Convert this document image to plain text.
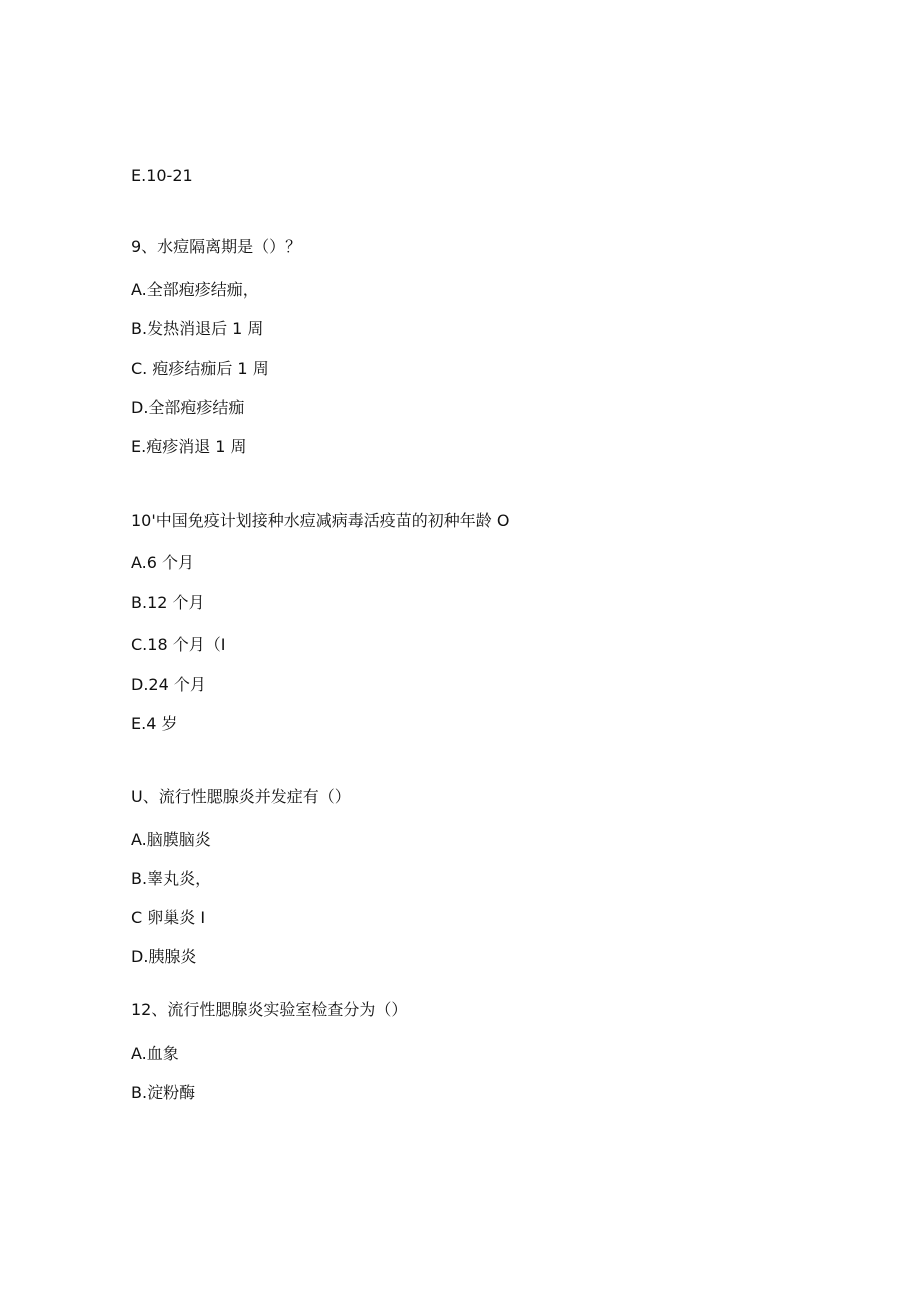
E.10-21
9、水痘隔离期是（）？
A.全部疱疹结痂，
B.发热消退后 1 周
C. 疱疹结痂后 1 周
D.全部疱疹结痂
E.疱疹消退 1 周
10'中国免疫计划接种水痘减病毒活疫苗的初种年龄 O
A.6 个月
B.12 个月
C.18 个月（I
D.24 个月
E.4 岁
U、流行性腮腺炎并发症有（）
A.脑膜脑炎
B.睾丸炎，
C 卵巢炎 I
D.胰腺炎
12、流行性腮腺炎实验室检查分为（）
A.血象
B.淀粉酶
